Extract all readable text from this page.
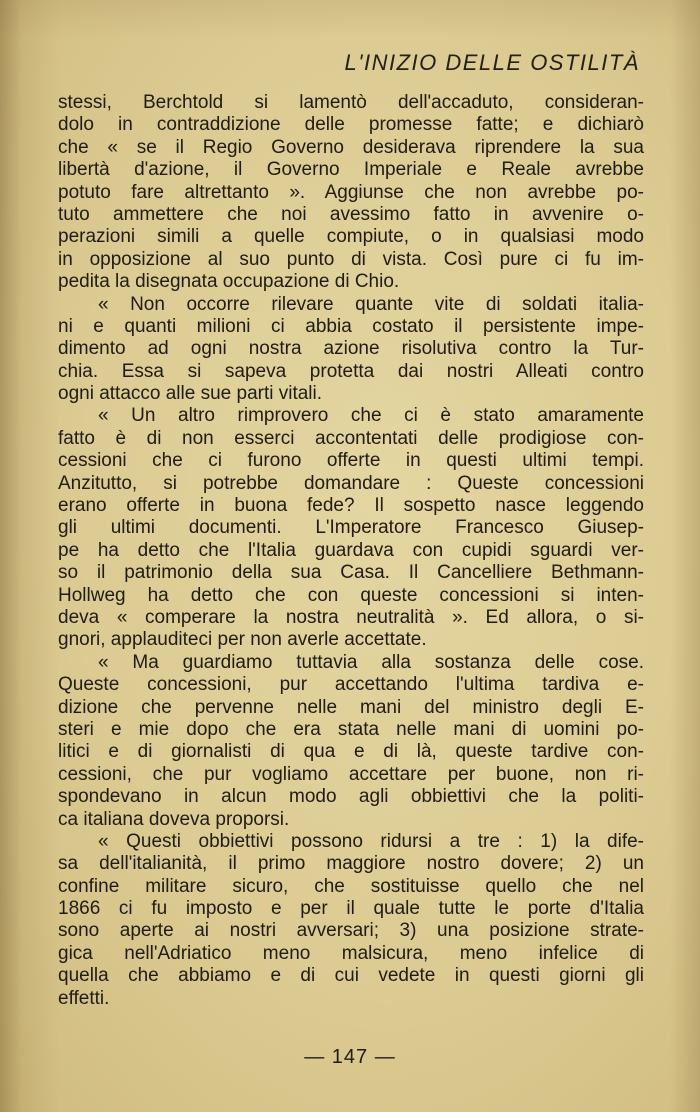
L'INIZIO DELLE OSTILITÀ
stessi, Berchtold si lamentò dell'accaduto, consideran-
dolo in contraddizione delle promesse fatte; e dichiarò
che « se il Regio Governo desiderava riprendere la sua
libertà d'azione, il Governo Imperiale e Reale avrebbe
potuto fare altrettanto ». Aggiunse che non avrebbe po-
tuto ammettere che noi avessimo fatto in avvenire o-
perazioni simili a quelle compiute, o in qualsiasi modo
in opposizione al suo punto di vista. Così pure ci fu im-
pedita la disegnata occupazione di Chio.
« Non occorre rilevare quante vite di soldati italia-
ni e quanti milioni ci abbia costato il persistente impe-
dimento ad ogni nostra azione risolutiva contro la Tur-
chia. Essa si sapeva protetta dai nostri Alleati contro
ogni attacco alle sue parti vitali.
« Un altro rimprovero che ci è stato amaramente
fatto è di non esserci accontentati delle prodigiose con-
cessioni che ci furono offerte in questi ultimi tempi.
Anzitutto, si potrebbe domandare : Queste concessioni
erano offerte in buona fede? Il sospetto nasce leggendo
gli ultimi documenti. L'Imperatore Francesco Giusep-
pe ha detto che l'Italia guardava con cupidi sguardi ver-
so il patrimonio della sua Casa. Il Cancelliere Bethmann-
Hollweg ha detto che con queste concessioni si inten-
deva « comperare la nostra neutralità ». Ed allora, o si-
gnori, applauditeci per non averle accettate.
« Ma guardiamo tuttavia alla sostanza delle cose.
Queste concessioni, pur accettando l'ultima tardiva e-
dizione che pervenne nelle mani del ministro degli E-
steri e mie dopo che era stata nelle mani di uomini po-
litici e di giornalisti di qua e di là, queste tardive con-
cessioni, che pur vogliamo accettare per buone, non ri-
spondevano in alcun modo agli obbiettivi che la politi-
ca italiana doveva proporsi.
« Questi obbiettivi possono ridursi a tre : 1) la dife-
sa dell'italianità, il primo maggiore nostro dovere; 2) un
confine militare sicuro, che sostituisse quello che nel
1866 ci fu imposto e per il quale tutte le porte d'Italia
sono aperte ai nostri avversari; 3) una posizione strate-
gica nell'Adriatico meno malsicura, meno infelice di
quella che abbiamo e di cui vedete in questi giorni gli
effetti.
— 147 —
